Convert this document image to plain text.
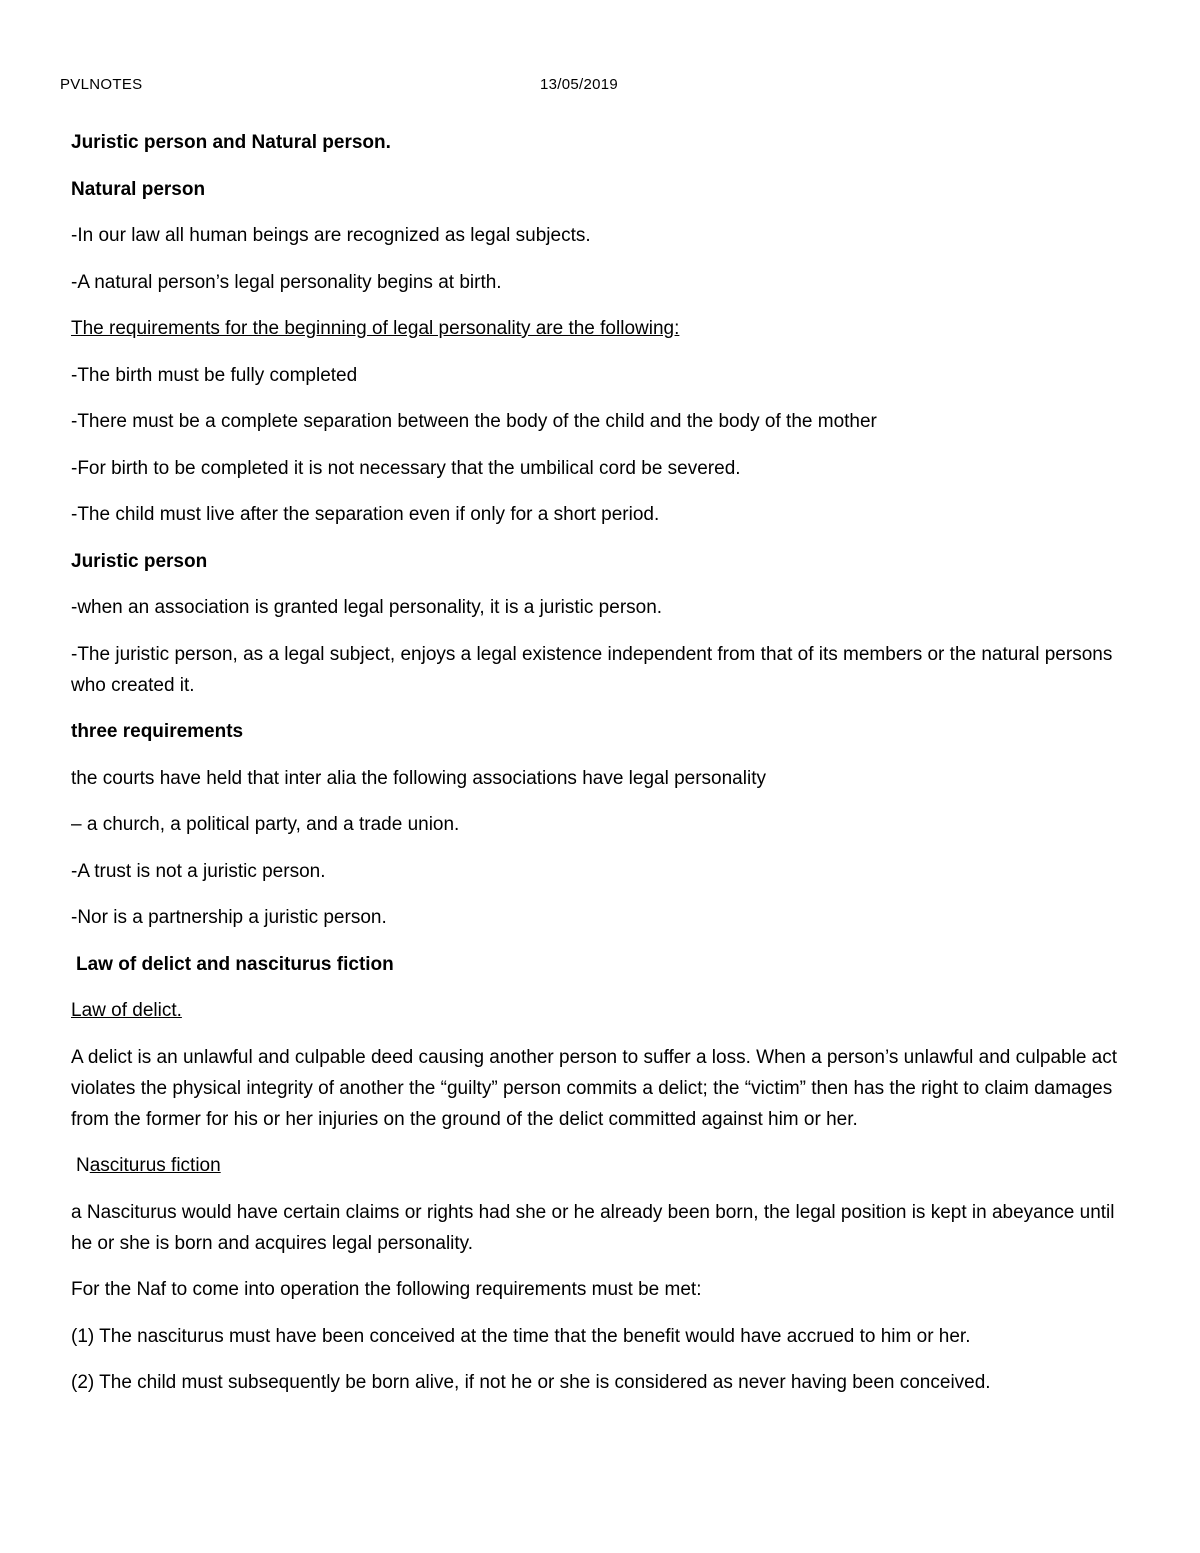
PVLNOTES	13/05/2019
Juristic person and Natural person.
Natural person
-In our law all human beings are recognized as legal subjects.
-A natural person’s legal personality begins at birth.
The requirements for the beginning of legal personality are the following:
-The birth must be fully completed
-There must be a complete separation between the body of the child and the body of the mother
-For birth to be completed it is not necessary that the umbilical cord be severed.
-The child must live after the separation even if only for a short period.
Juristic person
-when an association is granted legal personality, it is a juristic person.
-The juristic person, as a legal subject, enjoys a legal existence independent from that of its members or the natural persons who created it.
three requirements
the courts have held that inter alia the following associations have legal personality
– a church, a political party, and a trade union.
-A trust is not a juristic person.
-Nor is a partnership a juristic person.
Law of delict and nasciturus fiction
Law of delict.
A delict is an unlawful and culpable deed causing another person to suffer a loss. When a person’s unlawful and culpable act violates the physical integrity of another the “guilty” person commits a delict; the “victim” then has the right to claim damages from the former for his or her injuries on the ground of the delict committed against him or her.
Nasciturus fiction
a Nasciturus would have certain claims or rights had she or he already been born, the legal position is kept in abeyance until he or she is born and acquires legal personality.
For the Naf to come into operation the following requirements must be met:
(1) The nasciturus must have been conceived at the time that the benefit would have accrued to him or her.
(2) The child must subsequently be born alive, if not he or she is considered as never having been conceived.
